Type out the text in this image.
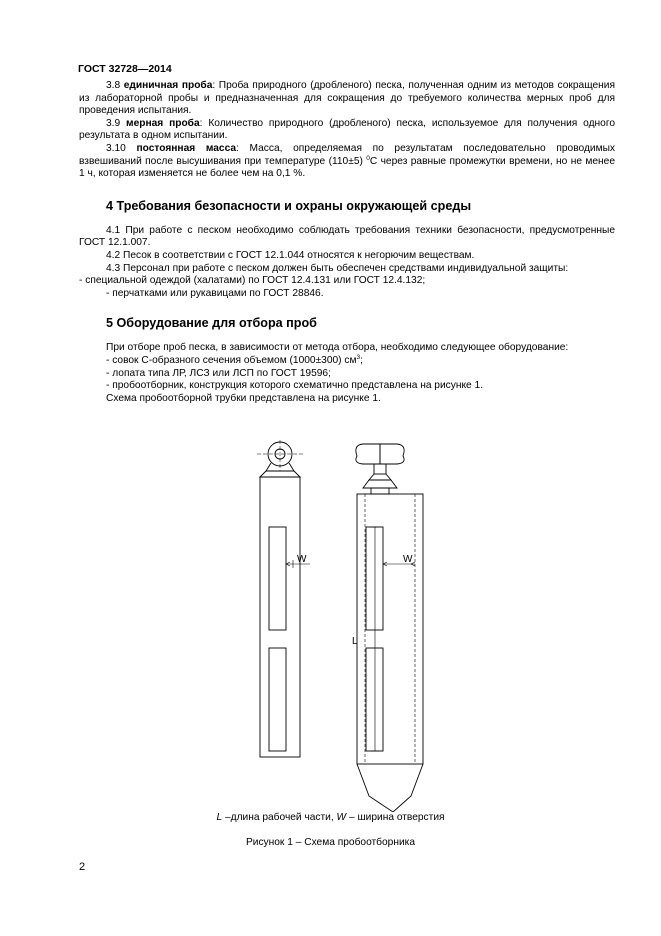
ГОСТ 32728—2014

3.8 единичная проба: Проба природного (дробленого) песка, полученная одним из методов сокращения из лабораторной пробы и предназначенная для сокращения до требуемого количества мерных проб для проведения испытания.

3.9 мерная проба: Количество природного (дробленого) песка, используемое для получения одного результата в одном испытании.

3.10 постоянная масса: Масса, определяемая по результатам последовательно проводимых взвешиваний после высушивания при температуре (110±5) $^0$С через равные промежутки времени, но не менее 1 ч, которая изменяется не более чем на 0,1 %.

4 Требования безопасности и охраны окружающей среды

4.1 При работе с песком необходимо соблюдать требования техники безопасности, предусмотренные ГОСТ 12.1.007.

4.2 Песок в соответствии с ГОСТ 12.1.044 относятся к негорючим веществам.

4.3 Персонал при работе с песком должен быть обеспечен средствами индивидуальной защиты:

- специальной одеждой (халатами) по ГОСТ 12.4.131 или ГОСТ 12.4.132;

- перчатками или рукавицами по ГОСТ 28846.

5 Оборудование для отбора проб

При отборе проб песка, в зависимости от метода отбора, необходимо следующее оборудование:

- совок С-образного сечения объемом (1000±300) $см^3$;

- лопата типа ЛР, ЛСЗ или ЛСП по ГОСТ 19596;

- пробоотборник, конструкция которого схематично представлена на рисунке 1.

Схема пробоотборной трубки представлена на рисунке 1.

W	W
L
L –длина рабочей части, W – ширина отверстия
Рисунок 1 – Схема пробоотборника
2
